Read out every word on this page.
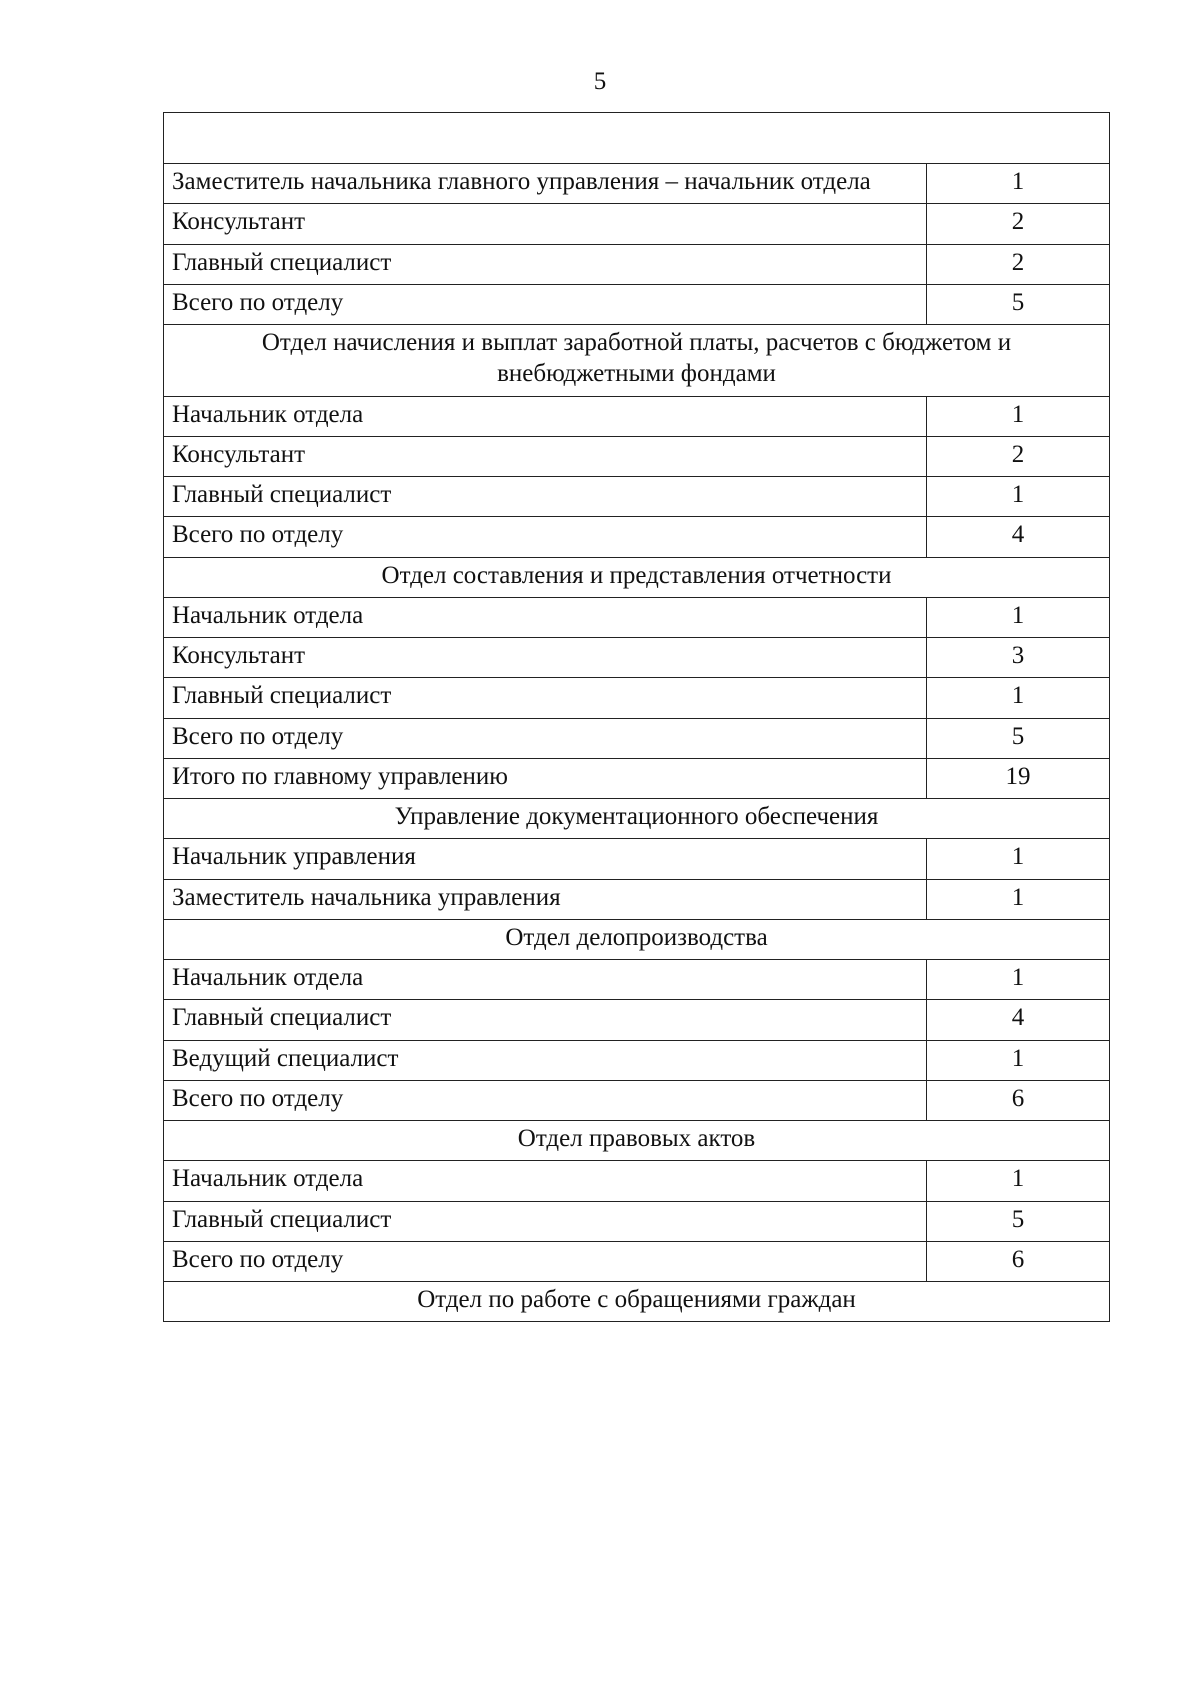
5

Заместитель начальника главного управления – начальник отдела	1
Консультант	2
Главный специалист	2
Всего по отделу	5
Отдел начисления и выплат заработной платы, расчетов с бюджетом и внебюджетными фондами	
Начальник отдела	1
Консультант	2
Главный специалист	1
Всего по отделу	4
Отдел составления и представления отчетности	
Начальник отдела	1
Консультант	3
Главный специалист	1
Всего по отделу	5
Итого по главному управлению	19
Управление документационного обеспечения	
Начальник управления	1
Заместитель начальника управления	1
Отдел делопроизводства	
Начальник отдела	1
Главный специалист	4
Ведущий специалист	1
Всего по отделу	6
Отдел правовых актов	
Начальник отдела	1
Главный специалист	5
Всего по отделу	6
Отдел по работе с обращениями граждан	
